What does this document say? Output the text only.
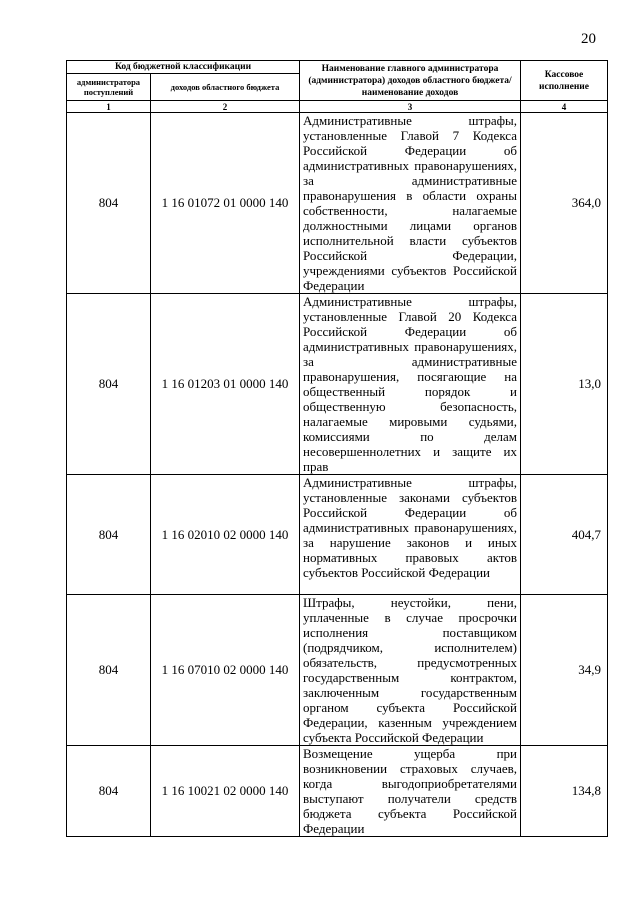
20
Код бюджетной классификации		Наименование главного администратора (администратора) доходов областного бюджета/ наименование доходов	Кассовое исполнение
администратора поступлений	доходов областного бюджета		
1	2	3	4
804	1 16 01072 01 0000 140	Административные штрафы, установленные Главой 7 Кодекса Российской Федерации об административных правонарушениях, за административные правонарушения в области охраны собственности, налагаемые должностными лицами органов исполнительной власти субъектов Российской Федерации, учреждениями субъектов Российской Федерации	364,0
804	1 16 01203 01 0000 140	Административные штрафы, установленные Главой 20 Кодекса Российской Федерации об административных правонарушениях, за административные правонарушения, посягающие на общественный порядок и общественную безопасность, налагаемые мировыми судьями, комиссиями по делам несовершеннолетних и защите их прав	13,0
804	1 16 02010 02 0000 140	Административные штрафы, установленные законами субъектов Российской Федерации об административных правонарушениях, за нарушение законов и иных нормативных правовых актов субъектов Российской Федерации	404,7
804	1 16 07010 02 0000 140	Штрафы, неустойки, пени, уплаченные в случае просрочки исполнения поставщиком (подрядчиком, исполнителем) обязательств, предусмотренных государственным контрактом, заключенным государственным органом субъекта Российской Федерации, казенным учреждением субъекта Российской Федерации	34,9
804	1 16 10021 02 0000 140	Возмещение ущерба при возникновении страховых случаев, когда выгодоприобретателями выступают получатели средств бюджета субъекта Российской Федерации	134,8
